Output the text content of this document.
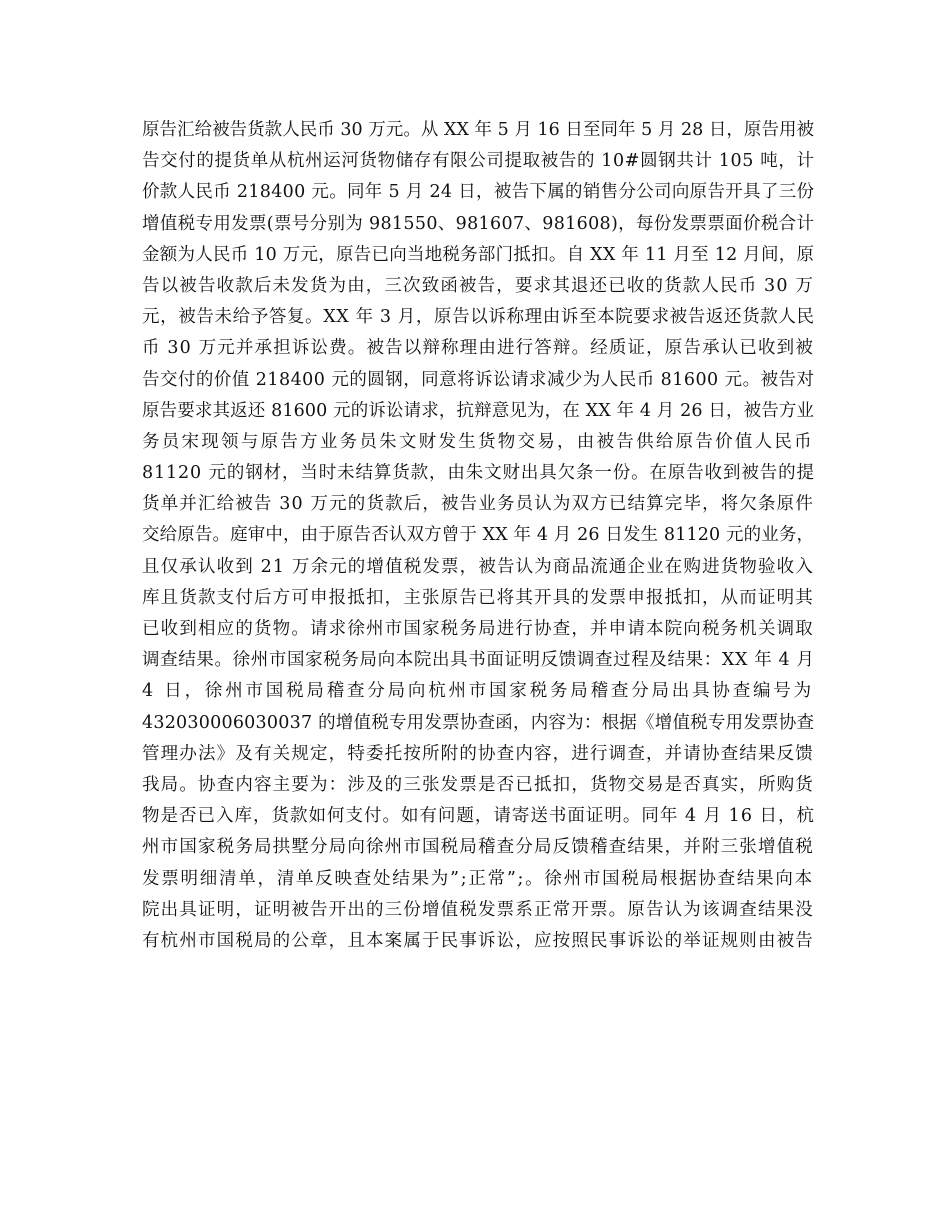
原告汇给被告货款人民币 30 万元。从 XX 年 5 月 16 日至同年 5 月 28 日，原告用被
告交付的提货单从杭州运河货物储存有限公司提取被告的 10#圆钢共计 105 吨，计
价款人民币 218400 元。同年 5 月 24 日，被告下属的销售分公司向原告开具了三份
增值税专用发票(票号分别为 981550、981607、981608)，每份发票票面价税合计
金额为人民币 10 万元，原告已向当地税务部门抵扣。自 XX 年 11 月至 12 月间，原
告以被告收款后未发货为由，三次致函被告，要求其退还已收的货款人民币 30 万
元，被告未给予答复。XX 年 3 月，原告以诉称理由诉至本院要求被告返还货款人民
币 30 万元并承担诉讼费。被告以辩称理由进行答辩。经质证，原告承认已收到被
告交付的价值 218400 元的圆钢，同意将诉讼请求减少为人民币 81600 元。被告对
原告要求其返还 81600 元的诉讼请求，抗辩意见为，在 XX 年 4 月 26 日，被告方业
务员宋现领与原告方业务员朱文财发生货物交易，由被告供给原告价值人民币
81120 元的钢材，当时未结算货款，由朱文财出具欠条一份。在原告收到被告的提
货单并汇给被告 30 万元的货款后，被告业务员认为双方已结算完毕，将欠条原件
交给原告。庭审中，由于原告否认双方曾于 XX 年 4 月 26 日发生 81120 元的业务，
且仅承认收到 21 万余元的增值税发票，被告认为商品流通企业在购进货物验收入
库且货款支付后方可申报抵扣，主张原告已将其开具的发票申报抵扣，从而证明其
已收到相应的货物。请求徐州市国家税务局进行协查，并申请本院向税务机关调取
调查结果。徐州市国家税务局向本院出具书面证明反馈调查过程及结果：XX 年 4 月
4 日，徐州市国税局稽查分局向杭州市国家税务局稽查分局出具协查编号为
432030006030037 的增值税专用发票协查函，内容为：根据《增值税专用发票协查
管理办法》及有关规定，特委托按所附的协查内容，进行调查，并请协查结果反馈
我局。协查内容主要为：涉及的三张发票是否已抵扣，货物交易是否真实，所购货
物是否已入库，货款如何支付。如有问题，请寄送书面证明。同年 4 月 16 日，杭
州市国家税务局拱墅分局向徐州市国税局稽查分局反馈稽查结果，并附三张增值税
发票明细清单，清单反映查处结果为”;正常”;。徐州市国税局根据协查结果向本
院出具证明，证明被告开出的三份增值税发票系正常开票。原告认为该调查结果没
有杭州市国税局的公章，且本案属于民事诉讼，应按照民事诉讼的举证规则由被告
